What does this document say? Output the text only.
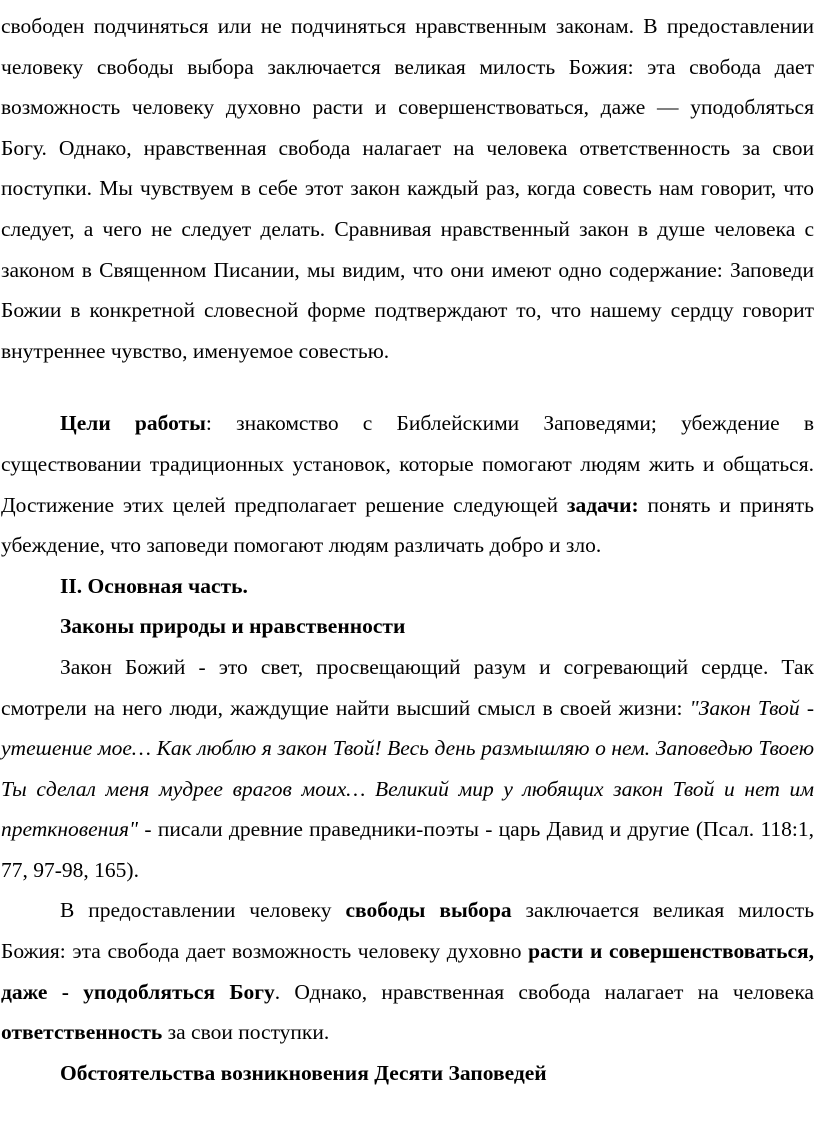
свободен подчиняться или не подчиняться нравственным законам. В предоставлении человеку свободы выбора заключается великая милость Божия: эта свобода дает возможность человеку духовно расти и совершенствоваться, даже — уподобляться Богу. Однако, нравственная свобода налагает на человека ответственность за свои поступки. Мы чувствуем в себе этот закон каждый раз, когда совесть нам говорит, что следует, а чего не следует делать. Сравнивая нравственный закон в душе человека с законом в Священном Писании, мы видим, что они имеют одно содержание: Заповеди Божии в конкретной словесной форме подтверждают то, что нашему сердцу говорит внутреннее чувство, именуемое совестью.

Цели работы: знакомство с Библейскими Заповедями; убеждение в существовании традиционных установок, которые помогают людям жить и общаться. Достижение этих целей предполагает решение следующей задачи: понять и принять убеждение, что заповеди помогают людям различать добро и зло.

II. Основная часть.

Законы природы и нравственности

Закон Божий - это свет, просвещающий разум и согревающий сердце. Так смотрели на него люди, жаждущие найти высший смысл в своей жизни: "Закон Твой - утешение мое… Как люблю я закон Твой! Весь день размышляю о нем. Заповедью Твоею Ты сделал меня мудрее врагов моих… Великий мир у любящих закон Твой и нет им преткновения" - писали древние праведники-поэты - царь Давид и другие (Псал. 118:1, 77, 97-98, 165).

В предоставлении человеку свободы выбора заключается великая милость Божия: эта свобода дает возможность человеку духовно расти и совершенствоваться, даже - уподобляться Богу. Однако, нравственная свобода налагает на человека ответственность за свои поступки.

Обстоятельства возникновения Десяти Заповедей
